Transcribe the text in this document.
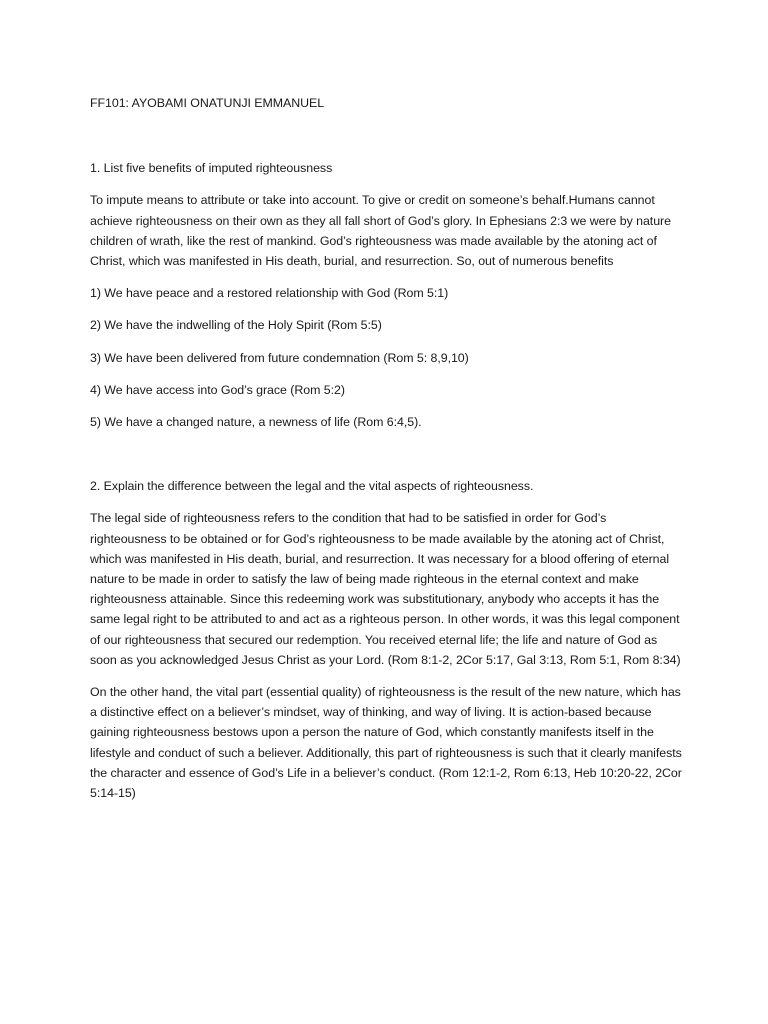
FF101: AYOBAMI ONATUNJI EMMANUEL

1. List five benefits of imputed righteousness

To impute means to attribute or take into account. To give or credit on someone’s behalf.Humans cannot achieve righteousness on their own as they all fall short of God’s glory. In Ephesians 2:3 we were by nature children of wrath, like the rest of mankind. God’s righteousness was made available by the atoning act of Christ, which was manifested in His death, burial, and resurrection. So, out of numerous benefits

1) We have peace and a restored relationship with God (Rom 5:1)

2) We have the indwelling of the Holy Spirit (Rom 5:5)

3) We have been delivered from future condemnation (Rom 5: 8,9,10)

4) We have access into God’s grace (Rom 5:2)

5) We have a changed nature, a newness of life (Rom 6:4,5).

2. Explain the difference between the legal and the vital aspects of righteousness.

The legal side of righteousness refers to the condition that had to be satisfied in order for God’s righteousness to be obtained or for God’s righteousness to be made available by the atoning act of Christ, which was manifested in His death, burial, and resurrection. It was necessary for a blood offering of eternal nature to be made in order to satisfy the law of being made righteous in the eternal context and make righteousness attainable. Since this redeeming work was substitutionary, anybody who accepts it has the same legal right to be attributed to and act as a righteous person. In other words, it was this legal component of our righteousness that secured our redemption. You received eternal life; the life and nature of God as soon as you acknowledged Jesus Christ as your Lord. (Rom 8:1-2, 2Cor 5:17, Gal 3:13, Rom 5:1, Rom 8:34)

On the other hand, the vital part (essential quality) of righteousness is the result of the new nature, which has a distinctive effect on a believer’s mindset, way of thinking, and way of living. It is action-based because gaining righteousness bestows upon a person the nature of God, which constantly manifests itself in the lifestyle and conduct of such a believer. Additionally, this part of righteousness is such that it clearly manifests the character and essence of God’s Life in a believer’s conduct. (Rom 12:1-2, Rom 6:13, Heb 10:20-22, 2Cor 5:14-15)
